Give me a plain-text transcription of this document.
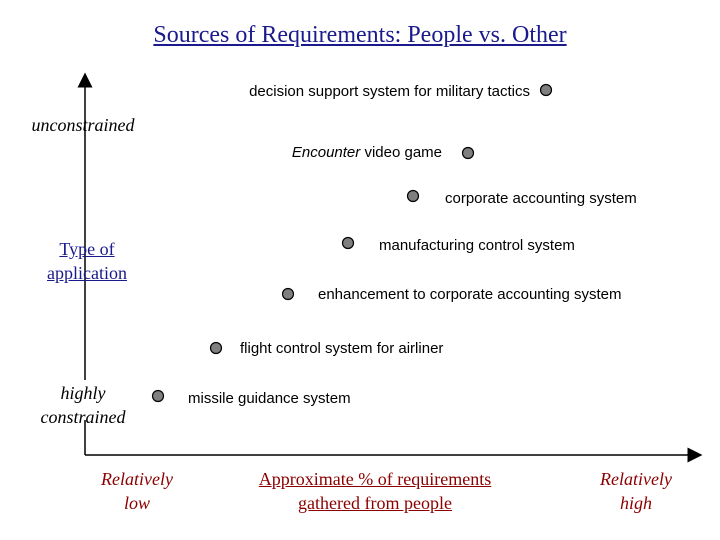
Sources of Requirements: People vs. Other
decision support system for military tactics
Encounter video game
corporate accounting system
manufacturing control system
enhancement to corporate accounting system
flight control system for airliner
missile guidance system
unconstrained
Type of
application
highly
constrained
Relatively
low
Approximate % of requirements
gathered from people
Relatively
high
